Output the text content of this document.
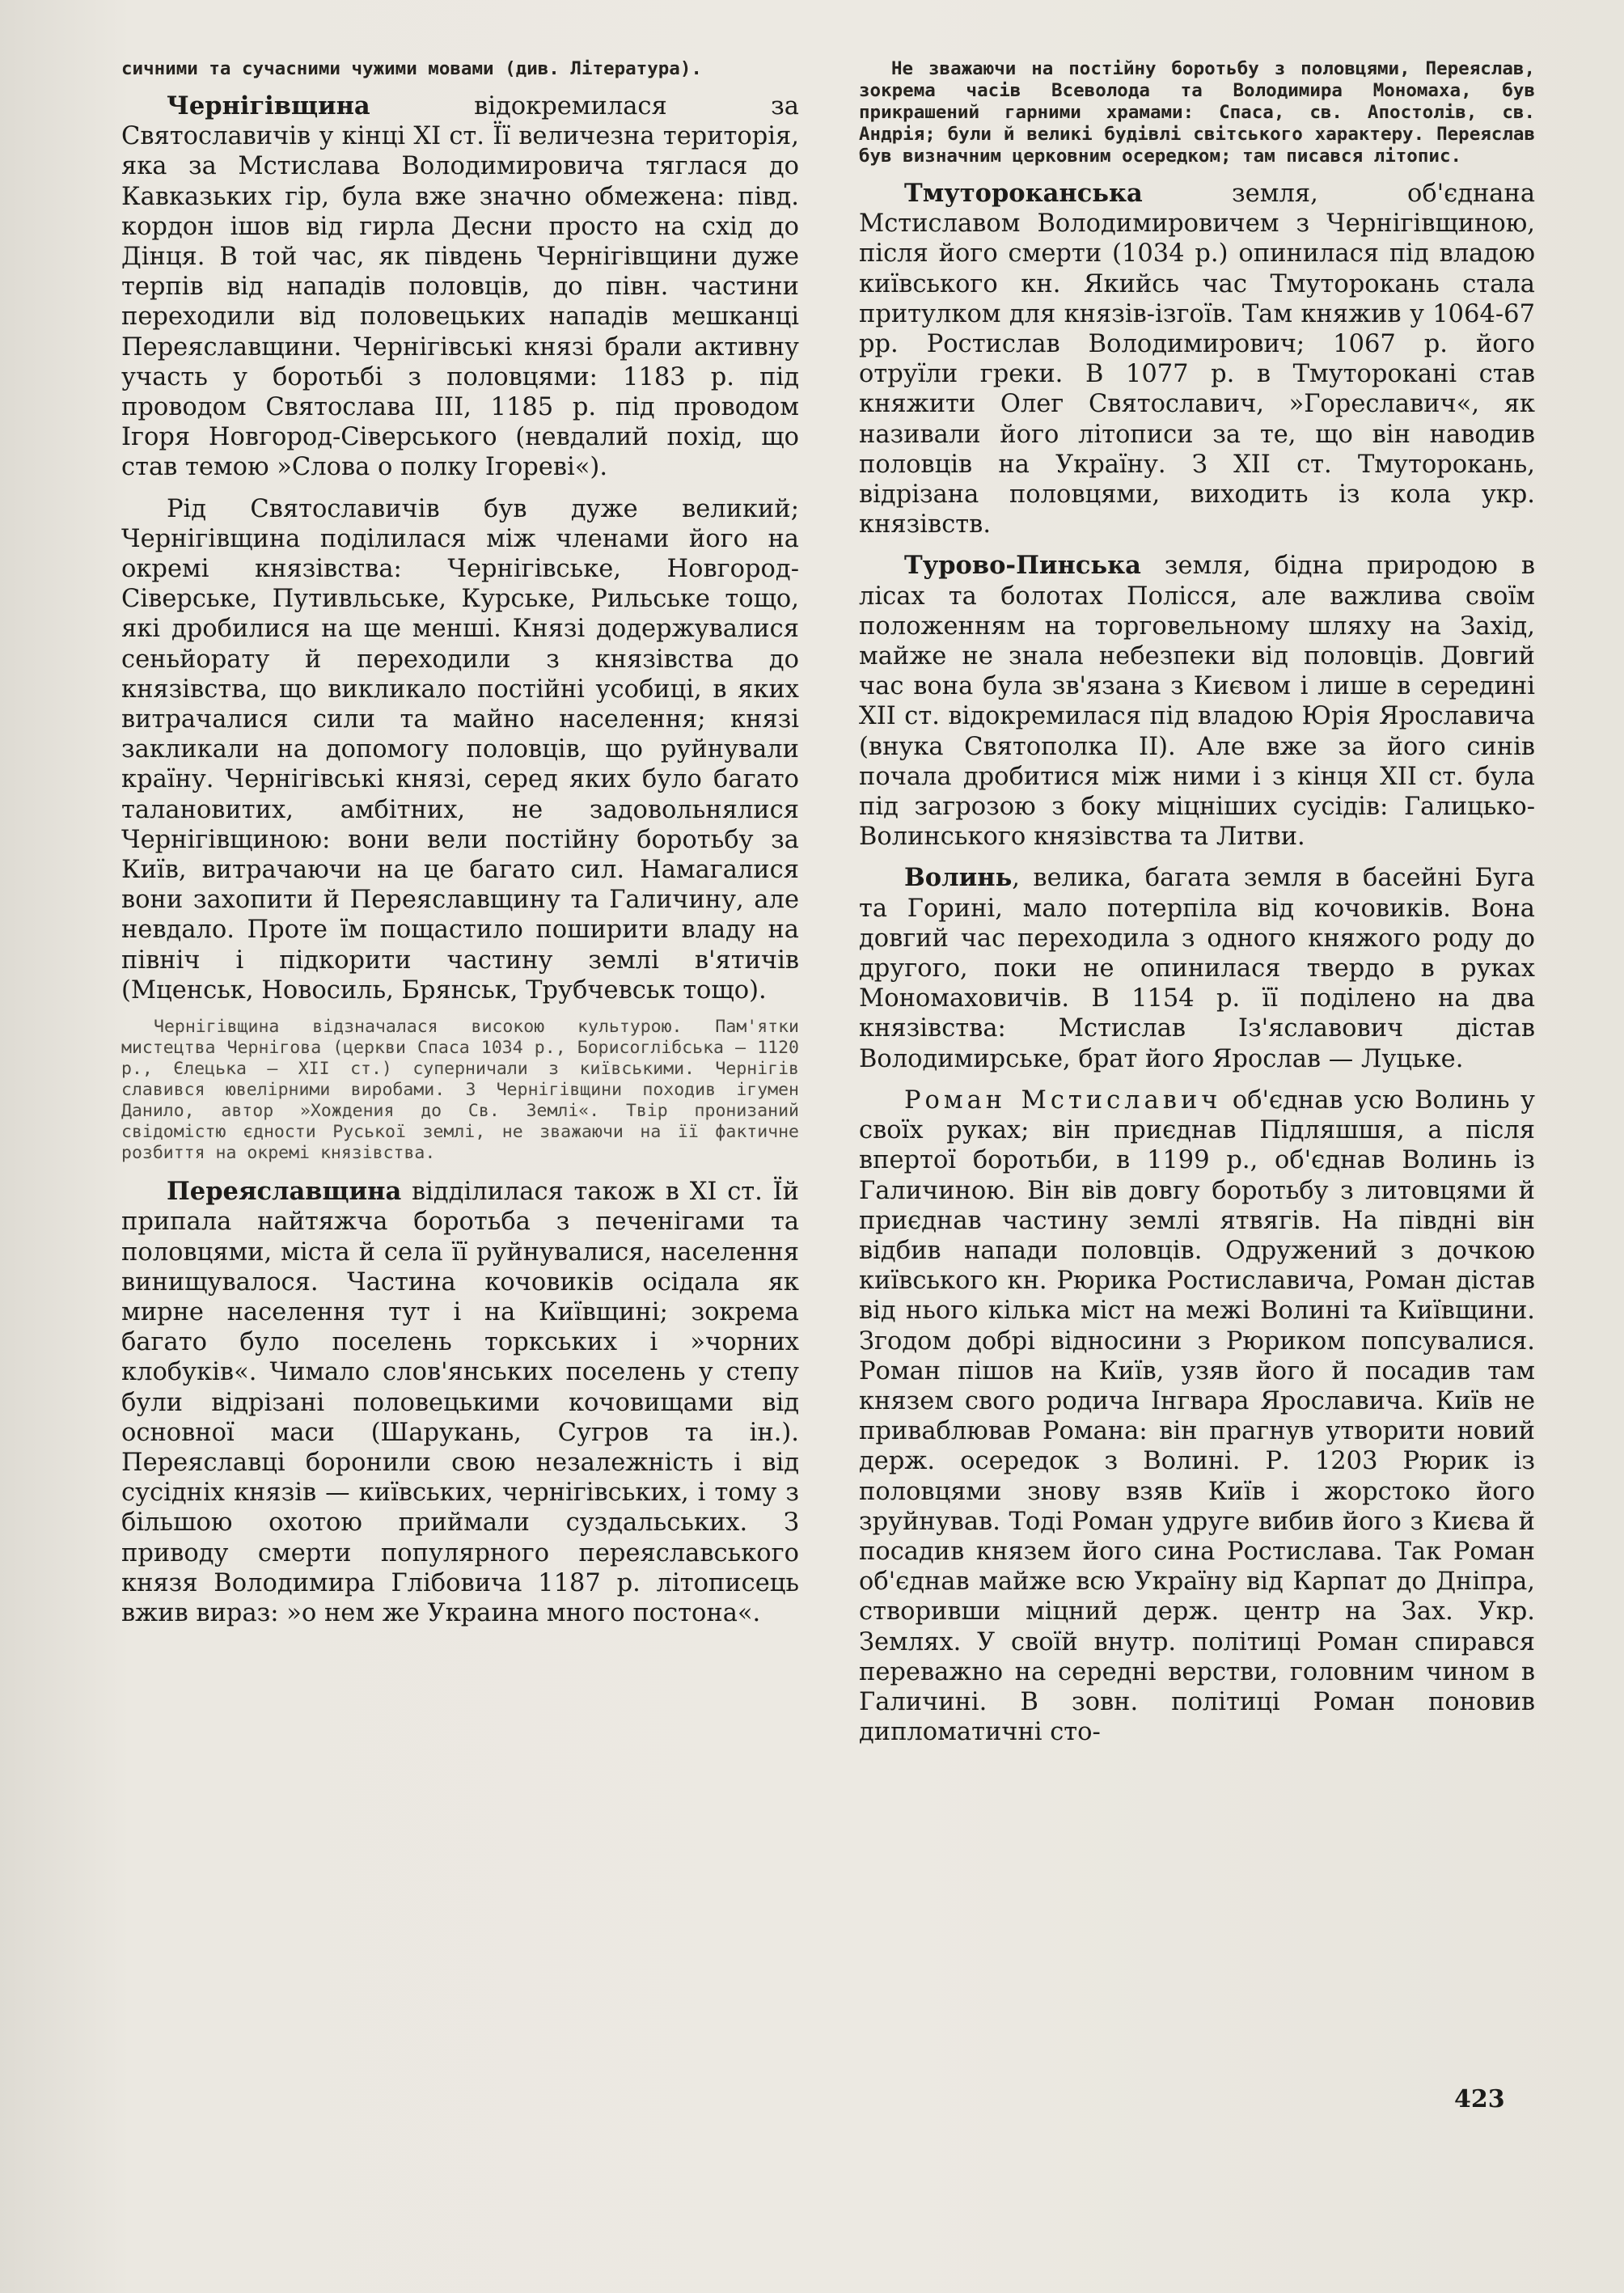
сичними та сучасними чужими мовами (див. Література).

Чернігівщина відокремилася за Святославичів у кінці XI ст. Її величезна територія, яка за Мстислава Володимировича тяглася до Кавказьких гір, була вже значно обмежена: півд. кордон ішов від гирла Десни просто на схід до Дінця. В той час, як південь Чернігівщини дуже терпів від нападів половців, до півн. частини переходили від половецьких нападів мешканці Переяславщини. Чернігівські князі брали активну участь у боротьбі з половцями: 1183 р. під проводом Святослава III, 1185 р. під проводом Ігоря Новгород-Сіверського (невдалий похід, що став темою »Слова о полку Ігореві«).

Рід Святославичів був дуже великий; Чернігівщина поділилася між членами його на окремі князівства: Чернігівське, Новгород-Сіверське, Путивльське, Курське, Рильське тощо, які дробилися на ще менші. Князі додержувалися сеньйорату й переходили з князівства до князівства, що викликало постійні усобиці, в яких витрачалися сили та майно населення; князі закликали на допомогу половців, що руйнували країну. Чернігівські князі, серед яких було багато талановитих, амбітних, не задовольнялися Чернігівщиною: вони вели постійну боротьбу за Київ, витрачаючи на це багато сил. Намагалися вони захопити й Переяславщину та Галичину, але невдало. Проте їм пощастило поширити владу на північ і підкорити частину землі в'ятичів (Мценськ, Новосиль, Брянськ, Трубчевськ тощо).

Чернігівщина відзначалася високою культурою. Пам'ятки мистецтва Чернігова (церкви Спаса 1034 р., Борисоглібська — 1120 р., Єлецька — XII ст.) суперничали з київськими. Чернігів славився ювелірними виробами. З Чернігівщини походив ігумен Данило, автор »Хождения до Св. Землі«. Твір пронизаний свідомістю єдности Руської землі, не зважаючи на її фактичне розбиття на окремі князівства.

Переяславщина відділилася також в XI ст. Їй припала найтяжча боротьба з печенігами та половцями, міста й села її руйнувалися, населення винищувалося. Частина кочовиків осідала як мирне населення тут і на Київщині; зокрема багато було поселень торкських і »чорних клобуків«. Чимало слов'янських поселень у степу були відрізані половецькими кочовищами від основної маси (Шарукань, Сугров та ін.). Переяславці боронили свою незалежність і від сусідніх князів — київських, чернігівських, і тому з більшою охотою приймали суздальських. З приводу смерти популярного переяславського князя Володимира Глібовича 1187 р. літописець вжив вираз: »о нем же Украина много постона«.

Не зважаючи на постійну боротьбу з половцями, Переяслав, зокрема часів Всеволода та Володимира Мономаха, був прикрашений гарними храмами: Спаса, св. Апостолів, св. Андрія; були й великі будівлі світського характеру. Переяслав був визначним церковним осередком; там писався літопис.

Тмутороканська земля, об'єднана Мстиславом Володимировичем з Чернігівщиною, після його смерти (1034 р.) опинилася під владою київського кн. Якийсь час Тмуторокань стала притулком для князів-ізгоїв. Там княжив у 1064-67 рр. Ростислав Володимирович; 1067 р. його отруїли греки. В 1077 р. в Тмуторокані став княжити Олег Святославич, »Гореславич«, як називали його літописи за те, що він наводив половців на Україну. З XII ст. Тмуторокань, відрізана половцями, виходить із кола укр. князівств.

Турово-Пинська земля, бідна природою в лісах та болотах Полісся, але важлива своїм положенням на торговельному шляху на Захід, майже не знала небезпеки від половців. Довгий час вона була зв'язана з Києвом і лише в середині XII ст. відокремилася під владою Юрія Ярославича (внука Святополка II). Але вже за його синів почала дробитися між ними і з кінця XII ст. була під загрозою з боку міцніших сусідів: Галицько-Волинського князівства та Литви.

Волинь, велика, багата земля в басейні Буга та Горині, мало потерпіла від кочовиків. Вона довгий час переходила з одного княжого роду до другого, поки не опинилася твердо в руках Мономаховичів. В 1154 р. її поділено на два князівства: Мстислав Із'яславович дістав Володимирське, брат його Ярослав — Луцьке.

Роман Мстиславич об'єднав усю Волинь у своїх руках; він приєднав Підляшшя, а після впертої боротьби, в 1199 р., об'єднав Волинь із Галичиною. Він вів довгу боротьбу з литовцями й приєднав частину землі ятвягів. На півдні він відбив напади половців. Одружений з дочкою київського кн. Рюрика Ростиславича, Роман дістав від нього кілька міст на межі Волині та Київщини. Згодом добрі відносини з Рюриком попсувалися. Роман пішов на Київ, узяв його й посадив там князем свого родича Інгвара Ярославича. Київ не приваблював Романа: він прагнув утворити новий держ. осередок з Волині. Р. 1203 Рюрик із половцями знову взяв Київ і жорстоко його зруйнував. Тоді Роман удруге вибив його з Києва й посадив князем його сина Ростислава. Так Роман об'єднав майже всю Україну від Карпат до Дніпра, створивши міцний держ. центр на Зах. Укр. Землях. У своїй внутр. політиці Роман спирався переважно на середні верстви, головним чином в Галичині. В зовн. політиці Роман поновив дипломатичні сто-

423
